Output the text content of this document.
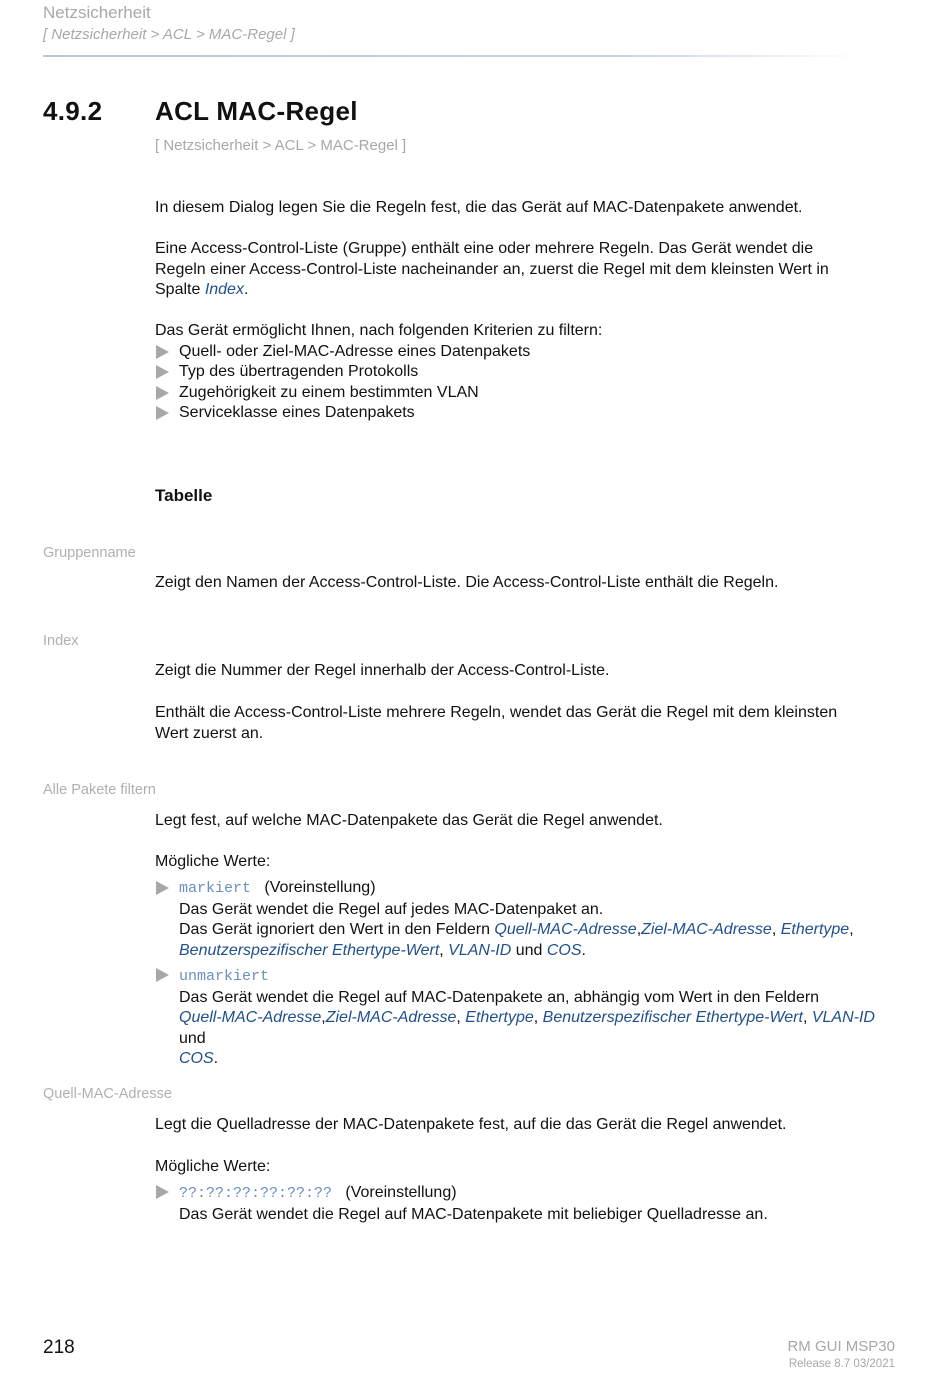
Netzsicherheit
[ Netzsicherheit > ACL > MAC-Regel ]
4.9.2 ACL MAC-Regel
[ Netzsicherheit > ACL > MAC-Regel ]
In diesem Dialog legen Sie die Regeln fest, die das Gerät auf MAC-Datenpakete anwendet.
Eine Access-Control-Liste (Gruppe) enthält eine oder mehrere Regeln. Das Gerät wendet die
Regeln einer Access-Control-Liste nacheinander an, zuerst die Regel mit dem kleinsten Wert in
Spalte Index.
Das Gerät ermöglicht Ihnen, nach folgenden Kriterien zu filtern:
Quell- oder Ziel-MAC-Adresse eines Datenpakets
Typ des übertragenden Protokolls
Zugehörigkeit zu einem bestimmten VLAN
Serviceklasse eines Datenpakets
Tabelle
Gruppenname
Zeigt den Namen der Access-Control-Liste. Die Access-Control-Liste enthält die Regeln.
Index
Zeigt die Nummer der Regel innerhalb der Access-Control-Liste.
Enthält die Access-Control-Liste mehrere Regeln, wendet das Gerät die Regel mit dem kleinsten
Wert zuerst an.
Alle Pakete filtern
Legt fest, auf welche MAC-Datenpakete das Gerät die Regel anwendet.
Mögliche Werte:
markiert (Voreinstellung)
Das Gerät wendet die Regel auf jedes MAC-Datenpaket an.
Das Gerät ignoriert den Wert in den Feldern Quell-MAC-Adresse,Ziel-MAC-Adresse, Ethertype,
Benutzerspezifischer Ethertype-Wert, VLAN-ID und COS.
unmarkiert
Das Gerät wendet die Regel auf MAC-Datenpakete an, abhängig vom Wert in den Feldern
Quell-MAC-Adresse,Ziel-MAC-Adresse, Ethertype, Benutzerspezifischer Ethertype-Wert, VLAN-ID und
COS.
Quell-MAC-Adresse
Legt die Quelladresse der MAC-Datenpakete fest, auf die das Gerät die Regel anwendet.
Mögliche Werte:
??:??:??:??:??:?? (Voreinstellung)
Das Gerät wendet die Regel auf MAC-Datenpakete mit beliebiger Quelladresse an.
218	RM GUI MSP30
Release 8.7 03/2021
